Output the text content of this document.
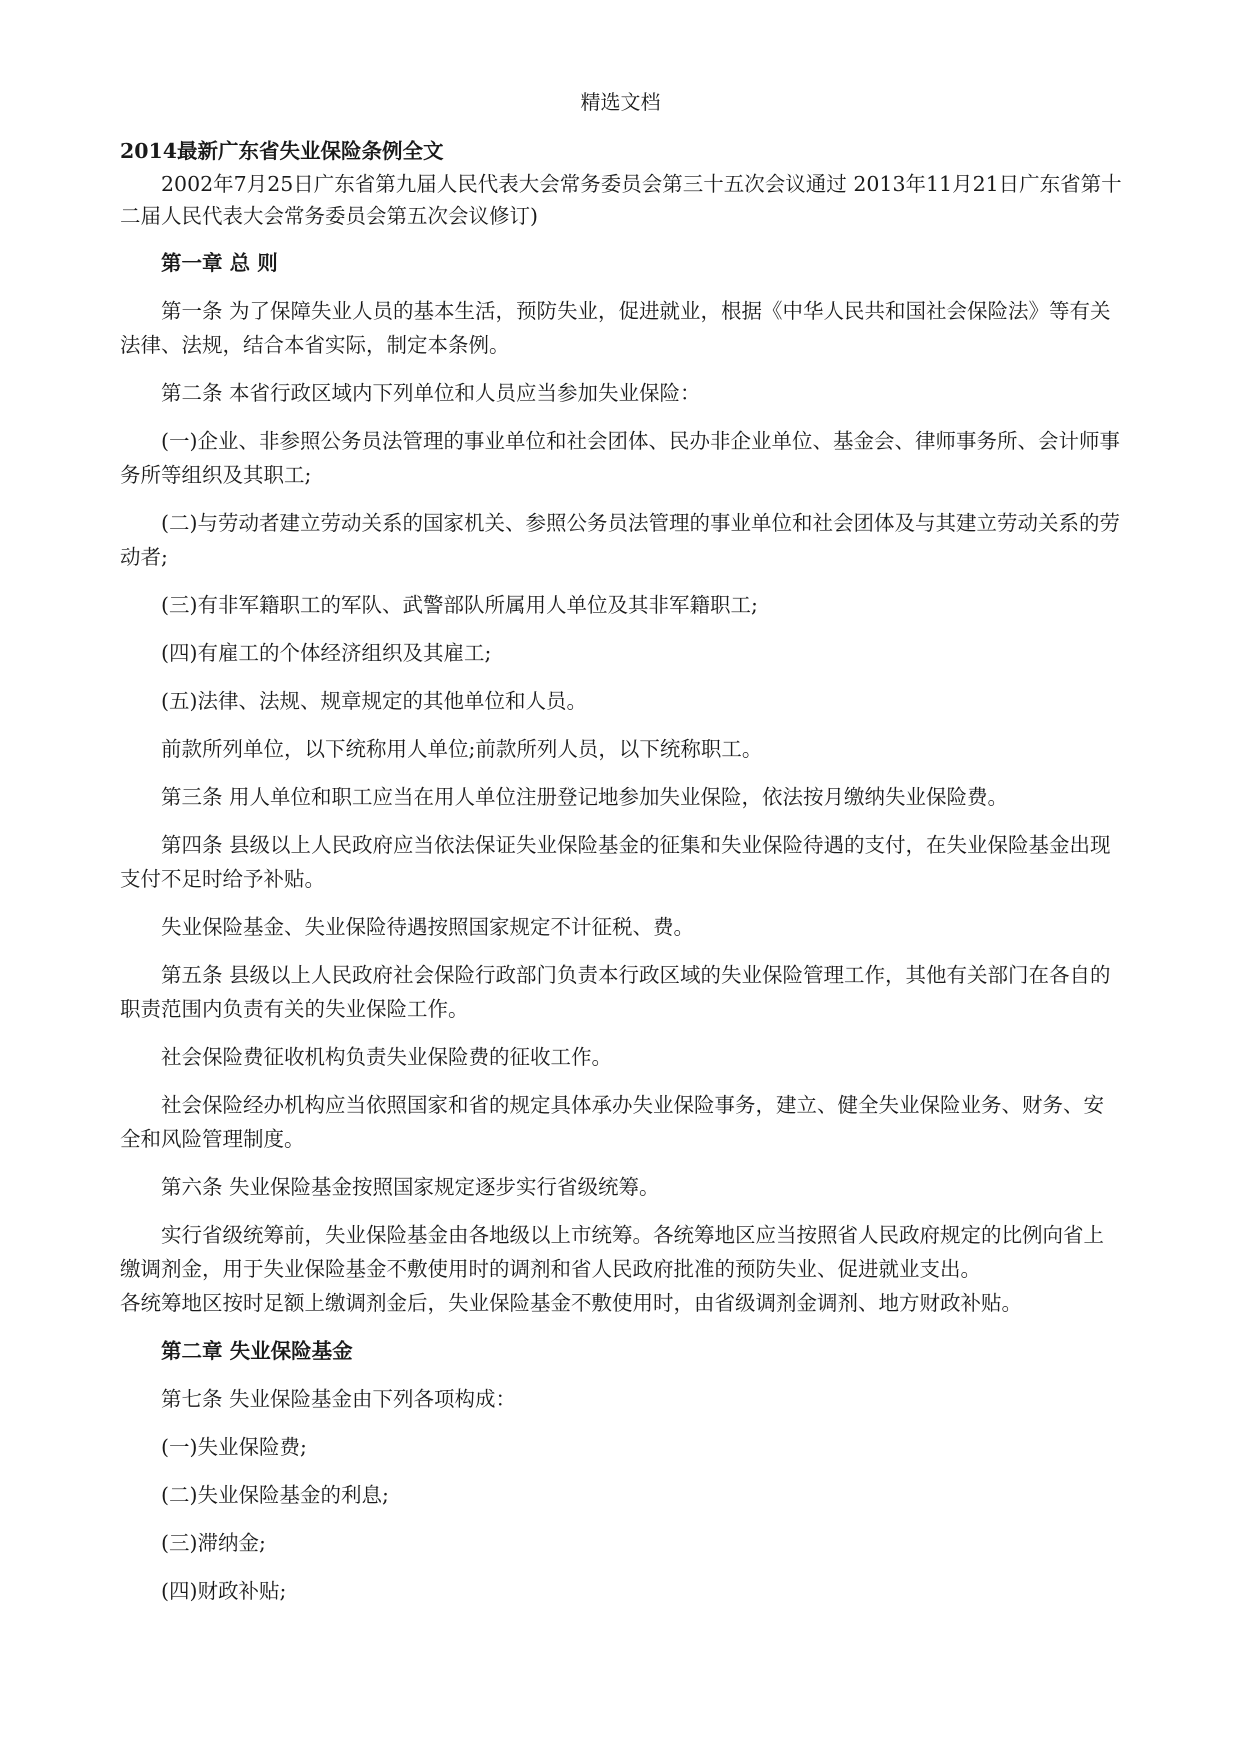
精选文档

2014最新广东省失业保险条例全文

2002年7月25日广东省第九届人民代表大会常务委员会第三十五次会议通过 2013年11月21日广东省第十二届人民代表大会常务委员会第五次会议修订)

第一章 总 则

第一条 为了保障失业人员的基本生活，预防失业，促进就业，根据《中华人民共和国社会保险法》等有关法律、法规，结合本省实际，制定本条例。

第二条 本省行政区域内下列单位和人员应当参加失业保险：

(一)企业、非参照公务员法管理的事业单位和社会团体、民办非企业单位、基金会、律师事务所、会计师事务所等组织及其职工;

(二)与劳动者建立劳动关系的国家机关、参照公务员法管理的事业单位和社会团体及与其建立劳动关系的劳动者;

(三)有非军籍职工的军队、武警部队所属用人单位及其非军籍职工;

(四)有雇工的个体经济组织及其雇工;

(五)法律、法规、规章规定的其他单位和人员。

前款所列单位，以下统称用人单位;前款所列人员，以下统称职工。

第三条 用人单位和职工应当在用人单位注册登记地参加失业保险，依法按月缴纳失业保险费。

第四条 县级以上人民政府应当依法保证失业保险基金的征集和失业保险待遇的支付，在失业保险基金出现支付不足时给予补贴。

失业保险基金、失业保险待遇按照国家规定不计征税、费。

第五条 县级以上人民政府社会保险行政部门负责本行政区域的失业保险管理工作，其他有关部门在各自的职责范围内负责有关的失业保险工作。

社会保险费征收机构负责失业保险费的征收工作。

社会保险经办机构应当依照国家和省的规定具体承办失业保险事务，建立、健全失业保险业务、财务、安全和风险管理制度。

第六条 失业保险基金按照国家规定逐步实行省级统筹。

实行省级统筹前，失业保险基金由各地级以上市统筹。各统筹地区应当按照省人民政府规定的比例向省上缴调剂金，用于失业保险基金不敷使用时的调剂和省人民政府批准的预防失业、促进就业支出。

各统筹地区按时足额上缴调剂金后，失业保险基金不敷使用时，由省级调剂金调剂、地方财政补贴。

第二章 失业保险基金

第七条 失业保险基金由下列各项构成：

(一)失业保险费;

(二)失业保险基金的利息;

(三)滞纳金;

(四)财政补贴;
